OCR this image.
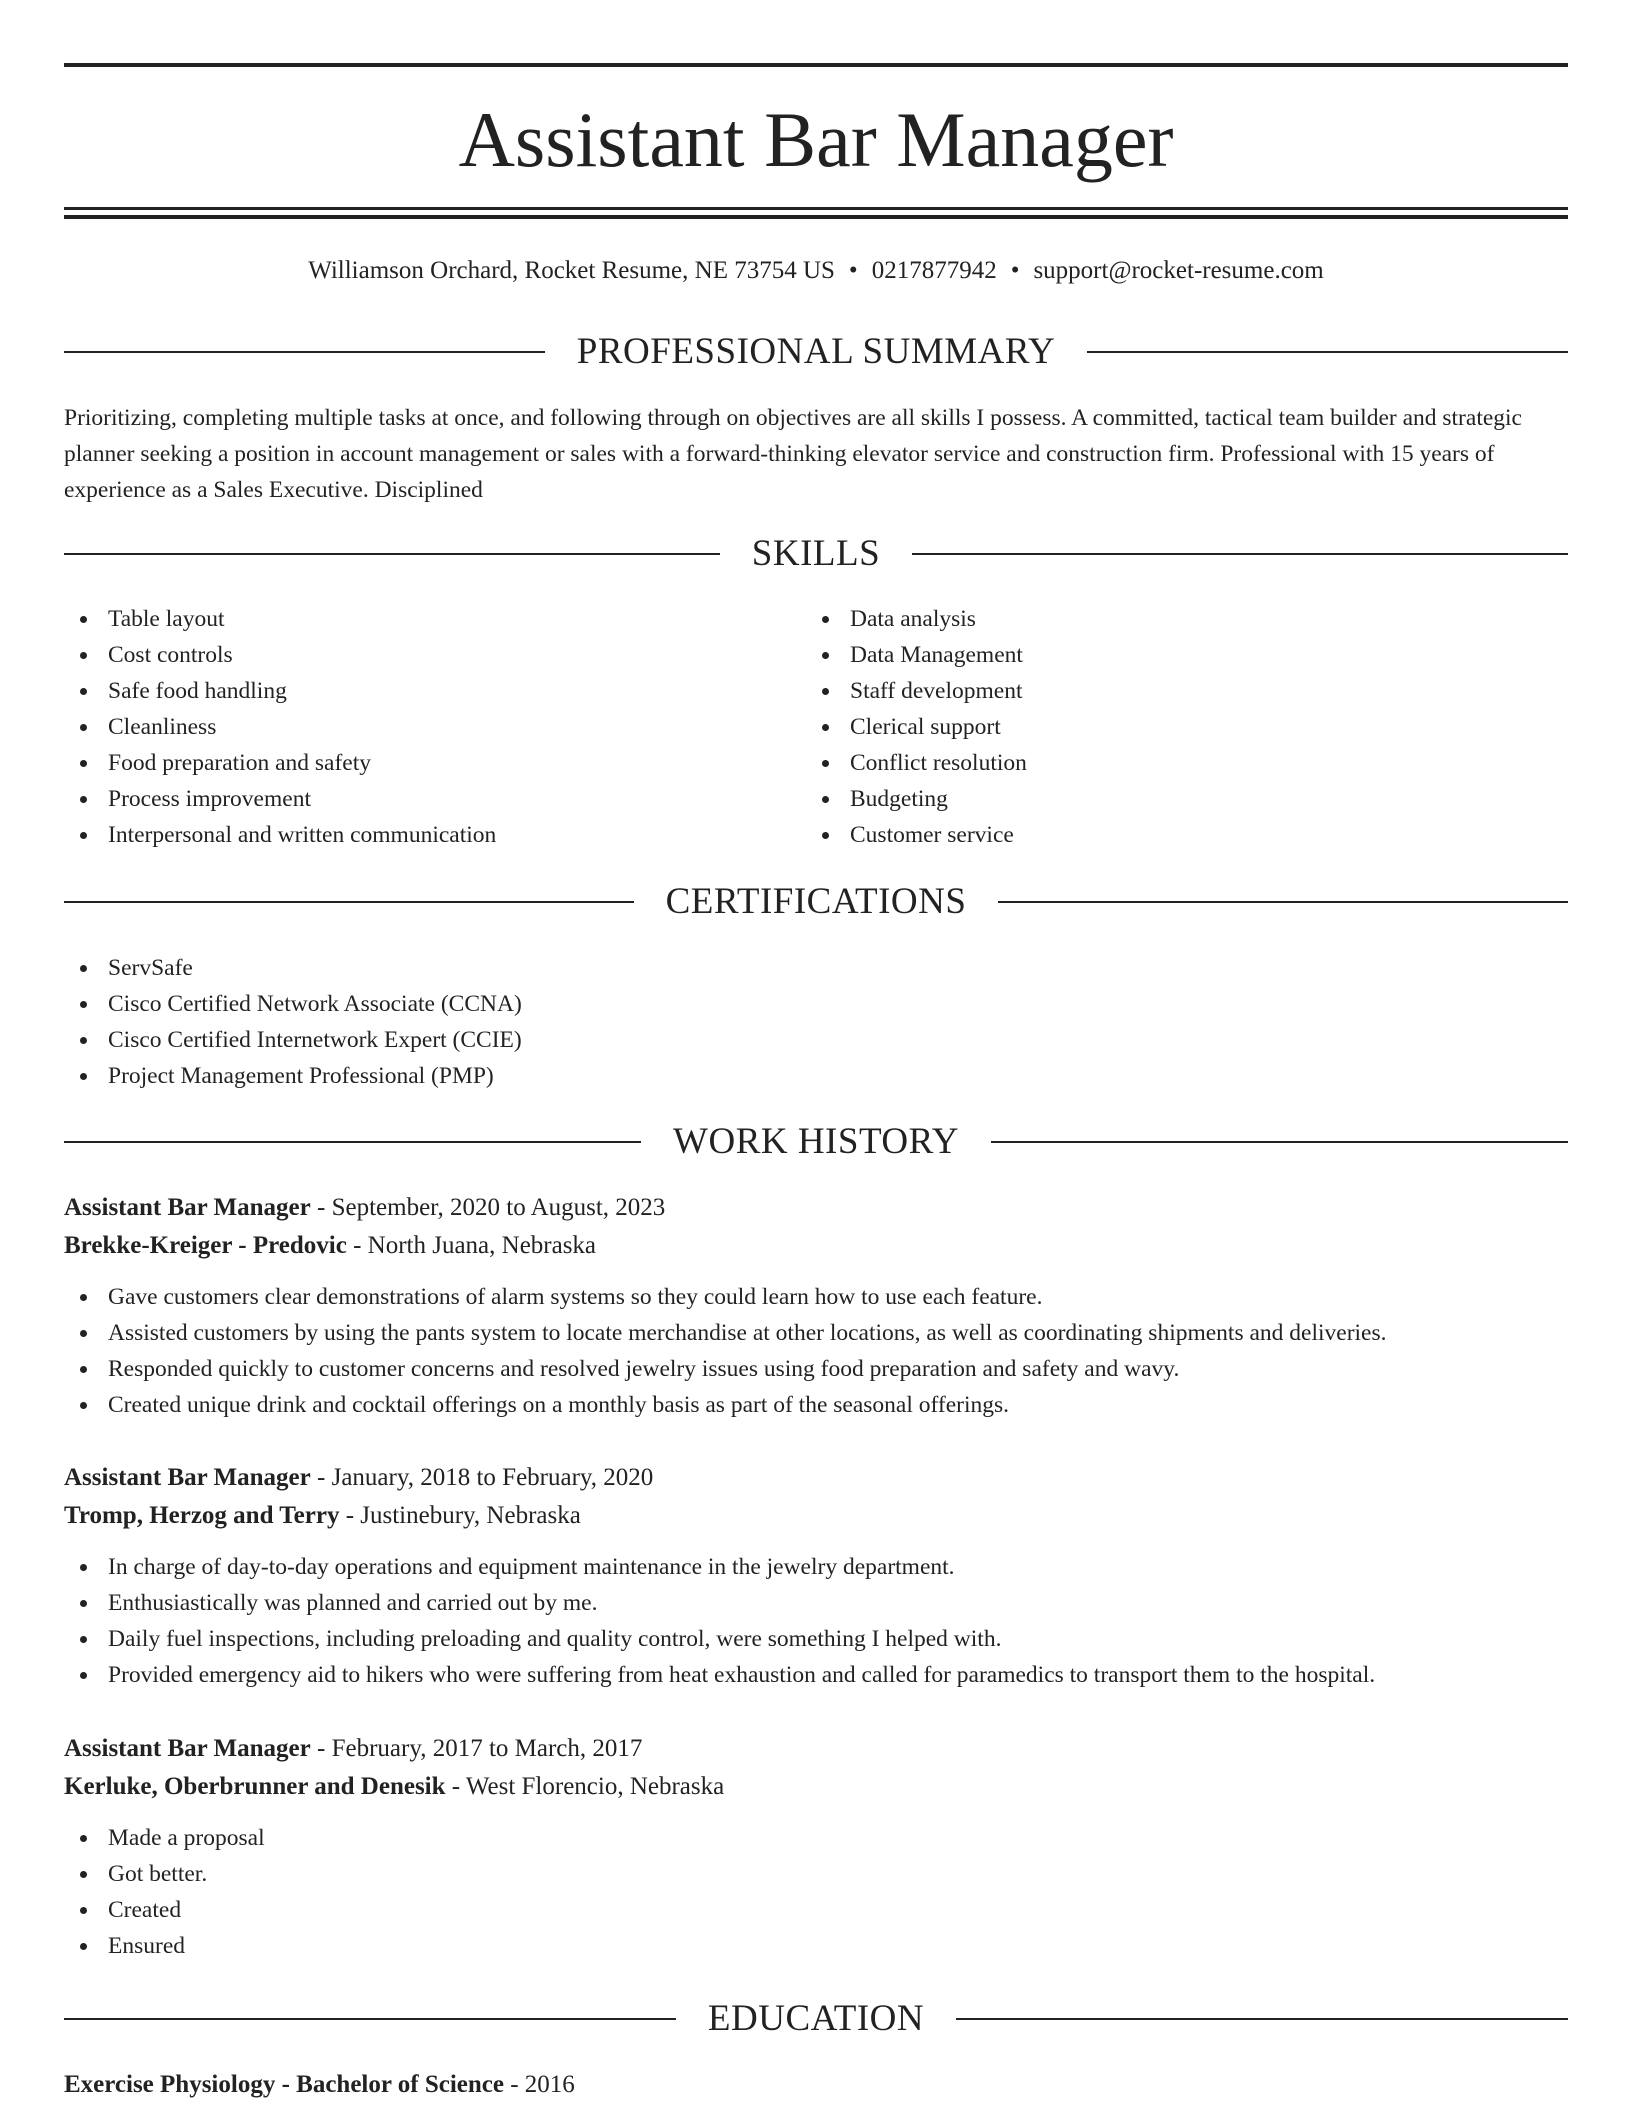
Assistant Bar Manager
Williamson Orchard, Rocket Resume, NE 73754 US • 0217877942 • support@rocket-resume.com
PROFESSIONAL SUMMARY

Prioritizing, completing multiple tasks at once, and following through on objectives are all skills I possess. A committed, tactical team builder and strategic planner seeking a position in account management or sales with a forward-thinking elevator service and construction firm. Professional with 15 years of experience as a Sales Executive. Disciplined

SKILLS
Table layout
Cost controls
Safe food handling
Cleanliness
Food preparation and safety
Process improvement
Interpersonal and written communication
Data analysis
Data Management
Staff development
Clerical support
Conflict resolution
Budgeting
Customer service
CERTIFICATIONS
ServSafe
Cisco Certified Network Associate (CCNA)
Cisco Certified Internetwork Expert (CCIE)
Project Management Professional (PMP)
WORK HISTORY
Assistant Bar Manager - September, 2020 to August, 2023
Brekke-Kreiger - Predovic - North Juana, Nebraska
Gave customers clear demonstrations of alarm systems so they could learn how to use each feature.
Assisted customers by using the pants system to locate merchandise at other locations, as well as coordinating shipments and deliveries.
Responded quickly to customer concerns and resolved jewelry issues using food preparation and safety and wavy.
Created unique drink and cocktail offerings on a monthly basis as part of the seasonal offerings.
Assistant Bar Manager - January, 2018 to February, 2020
Tromp, Herzog and Terry - Justinebury, Nebraska
In charge of day-to-day operations and equipment maintenance in the jewelry department.
Enthusiastically was planned and carried out by me.
Daily fuel inspections, including preloading and quality control, were something I helped with.
Provided emergency aid to hikers who were suffering from heat exhaustion and called for paramedics to transport them to the hospital.
Assistant Bar Manager - February, 2017 to March, 2017
Kerluke, Oberbrunner and Denesik - West Florencio, Nebraska
Made a proposal
Got better.
Created
Ensured
EDUCATION
Exercise Physiology - Bachelor of Science - 2016
